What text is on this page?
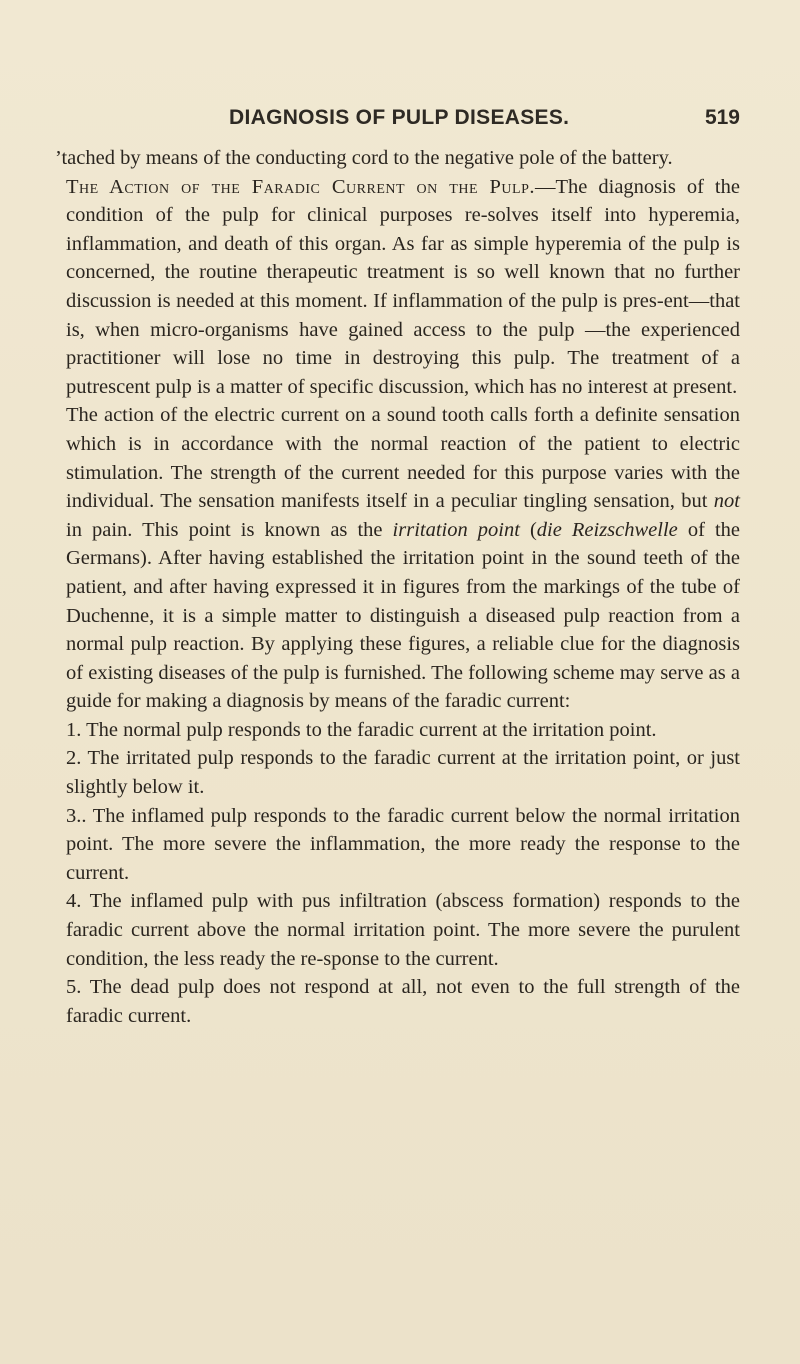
DIAGNOSIS OF PULP DISEASES.	519

’tached by means of the conducting cord to the negative pole of the battery.

The Action of the Faradic Current on the Pulp.—The diagnosis of the condition of the pulp for clinical purposes re-solves itself into hyperemia, inflammation, and death of this organ. As far as simple hyperemia of the pulp is concerned, the routine therapeutic treatment is so well known that no further discussion is needed at this moment. If inflammation of the pulp is pres-ent—that is, when micro-organisms have gained access to the pulp —the experienced practitioner will lose no time in destroying this pulp. The treatment of a putrescent pulp is a matter of specific discussion, which has no interest at present.

The action of the electric current on a sound tooth calls forth a definite sensation which is in accordance with the normal reaction of the patient to electric stimulation. The strength of the current needed for this purpose varies with the individual. The sensation manifests itself in a peculiar tingling sensation, but not in pain. This point is known as the irritation point (die Reizschwelle of the Germans). After having established the irritation point in the sound teeth of the patient, and after having expressed it in figures from the markings of the tube of Duchenne, it is a simple matter to distinguish a diseased pulp reaction from a normal pulp reaction. By applying these figures, a reliable clue for the diagnosis of existing diseases of the pulp is furnished. The following scheme may serve as a guide for making a diagnosis by means of the faradic current:

1. The normal pulp responds to the faradic current at the irritation point.

2. The irritated pulp responds to the faradic current at the irritation point, or just slightly below it.

3.. The inflamed pulp responds to the faradic current below the normal irritation point. The more severe the inflammation, the more ready the response to the current.

4. The inflamed pulp with pus infiltration (abscess formation) responds to the faradic current above the normal irritation point. The more severe the purulent condition, the less ready the re-sponse to the current.

5. The dead pulp does not respond at all, not even to the full strength of the faradic current.
